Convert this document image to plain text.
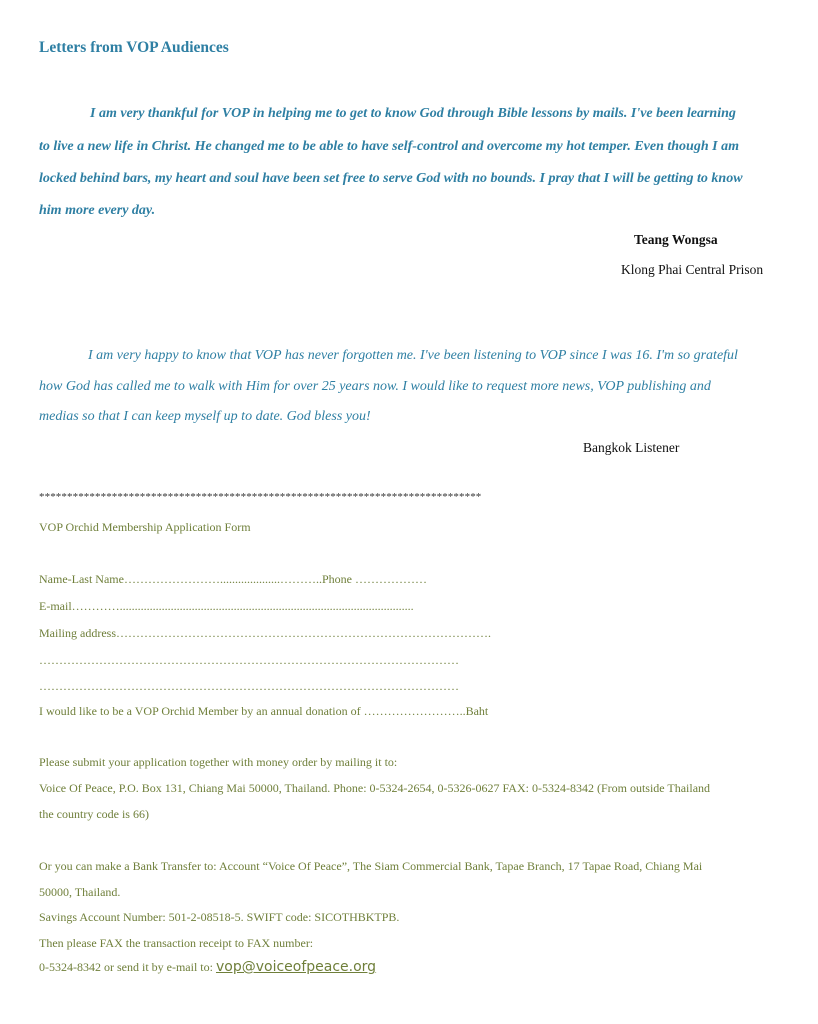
Letters from VOP Audiences
I am very thankful for VOP in helping me to get to know God through Bible lessons by mails. I've been learning
to live a new life in Christ. He changed me to be able to have self-control and overcome my hot temper. Even though I am
locked behind bars, my heart and soul have been set free to serve God with no bounds. I pray that I will be getting to know
him more every day.
Teang Wongsa
Klong Phai Central Prison
I am very happy to know that VOP has never forgotten me. I've been listening to VOP since I was 16. I'm so grateful
how God has called me to walk with Him for over 25 years now. I would like to request more news, VOP publishing and
medias so that I can keep myself up to date. God bless you!
Bangkok Listener
*******************************************************************************
VOP Orchid Membership Application Form
Name-Last Name……………………....................………..Phone ………………
E-mail…………..................................................................................................
Mailing address………………………………………………………………………………….
……………………………………………………………………………………………
……………………………………………………………………………………………
I would like to be a VOP Orchid Member by an annual donation of ……………………..Baht
Please submit your application together with money order by mailing it to:
Voice Of Peace, P.O. Box 131, Chiang Mai 50000, Thailand. Phone: 0-5324-2654, 0-5326-0627 FAX: 0-5324-8342 (From outside Thailand
the country code is 66)
Or you can make a Bank Transfer to: Account “Voice Of Peace”, The Siam Commercial Bank, Tapae Branch, 17 Tapae Road, Chiang Mai
50000, Thailand.
Savings Account Number: 501-2-08518-5. SWIFT code: SICOTHBKTPB.
Then please FAX the transaction receipt to FAX number:
0-5324-8342 or send it by e-mail to: vop@voiceofpeace.org
